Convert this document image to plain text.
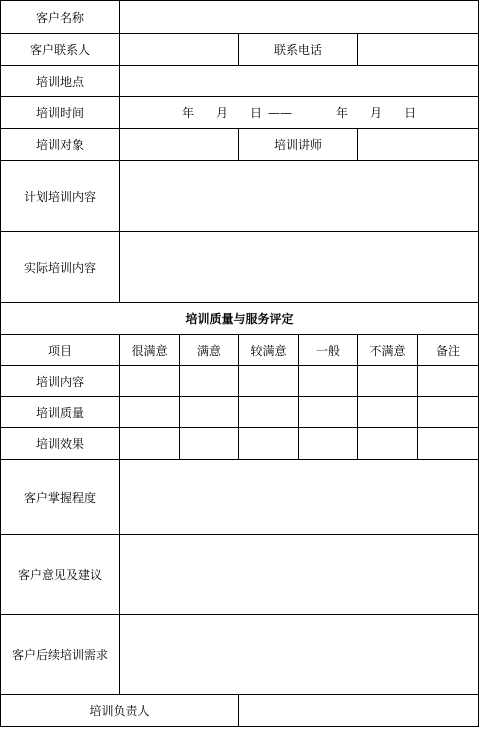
客户名称						
客户联系人			联系电话			
培训地点						
培训时间	年 月 日 —— 年 月 日					
培训对象			培训讲师			
计划培训内容						
实际培训内容						
培训质量与服务评定						
项目	很满意	满意	较满意	一般	不满意	备注
培训内容						
培训质量						
培训效果						
客户掌握程度						
客户意见及建议						
客户后续培训需求						
培训负责人						
